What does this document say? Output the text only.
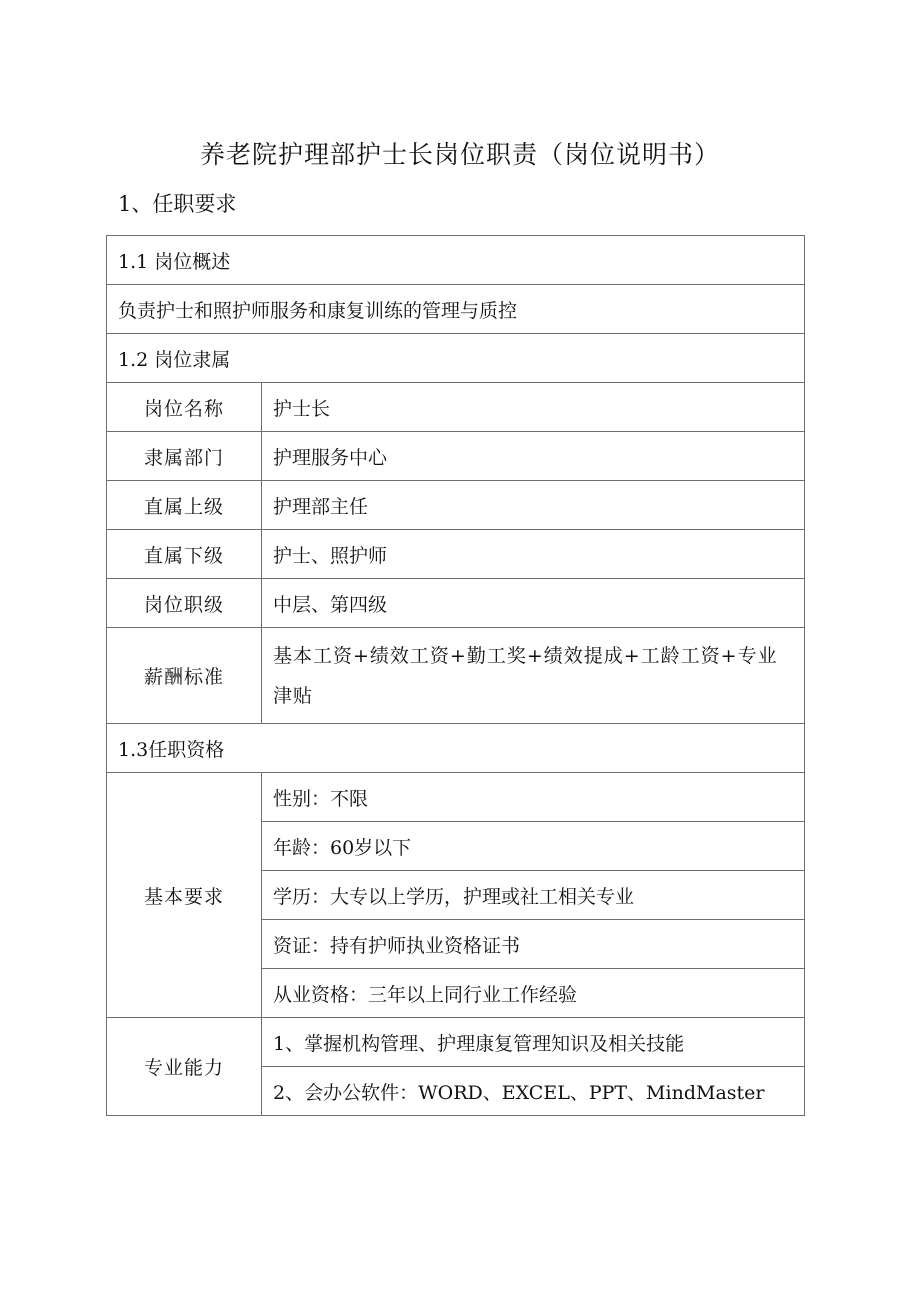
养老院护理部护士长岗位职责（岗位说明书）
1、任职要求
1.1 岗位概述	
负责护士和照护师服务和康复训练的管理与质控	
1.2 岗位隶属	
岗位名称	护士长
隶属部门	护理服务中心
直属上级	护理部主任
直属下级	护士、照护师
岗位职级	中层、第四级
薪酬标准	基本工资+绩效工资+勤工奖+绩效提成+工龄工资+专业 津贴
1.3任职资格	
基本要求	性别：不限
	年龄：60岁以下
	学历：大专以上学历，护理或社工相关专业
	资证：持有护师执业资格证书
	从业资格：三年以上同行业工作经验
专业能力	1、掌握机构管理、护理康复管理知识及相关技能
	2、会办公软件：WORD、EXCEL、PPT、MindMaster
